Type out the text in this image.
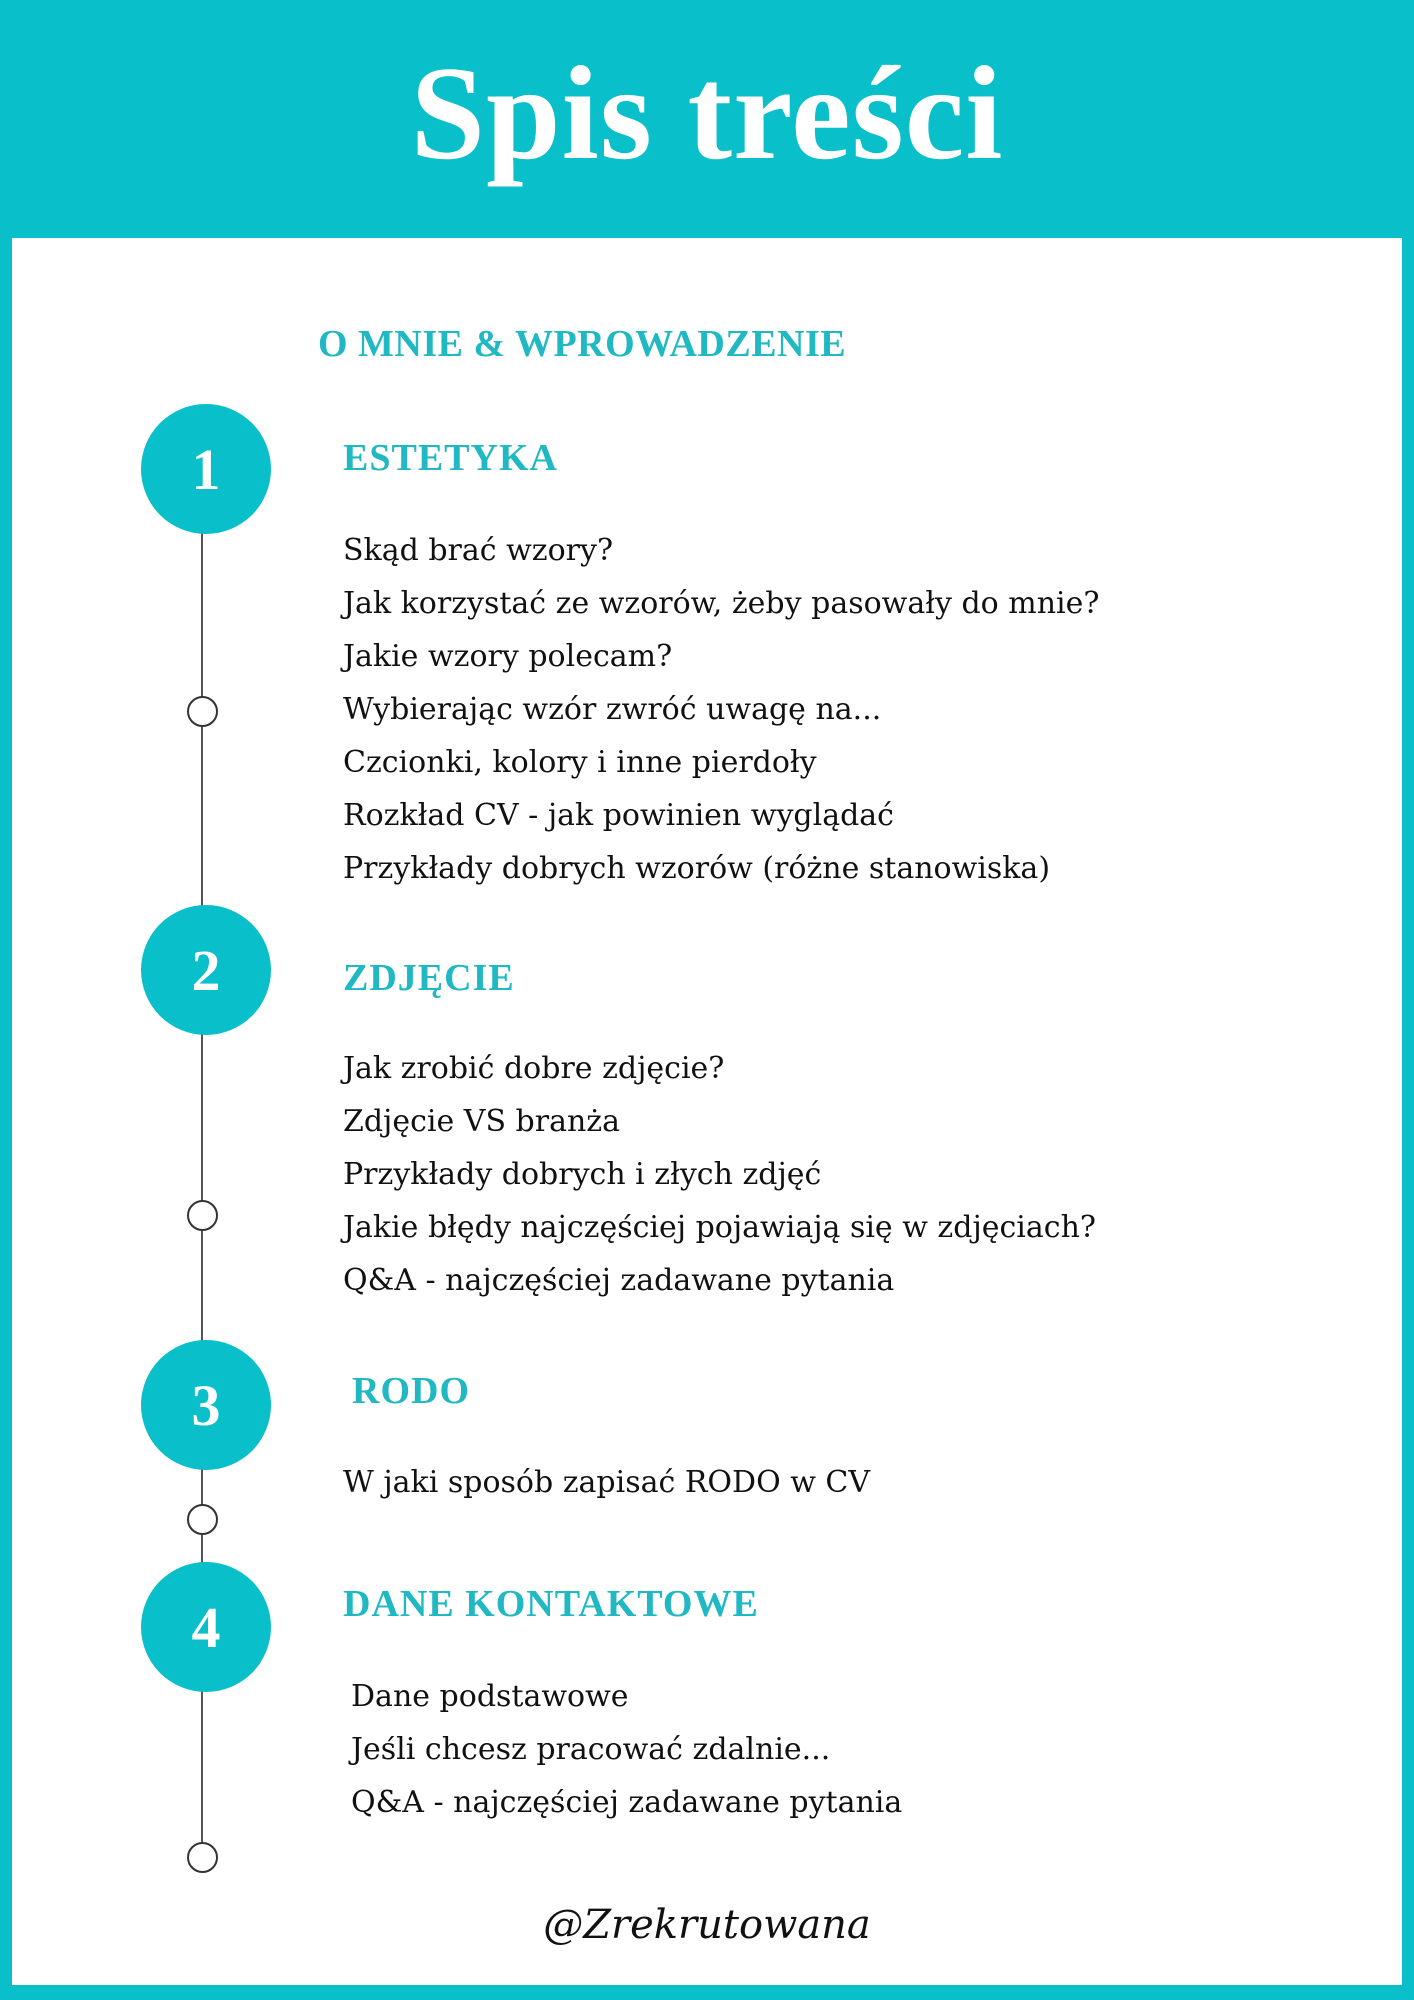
Spis treści
1
2
3
4
O MNIE & WPROWADZENIE
ESTETYKA
Skąd brać wzory?
Jak korzystać ze wzorów, żeby pasowały do mnie?
Jakie wzory polecam?
Wybierając wzór zwróć uwagę na...
Czcionki, kolory i inne pierdoły
Rozkład CV - jak powinien wyglądać
Przykłady dobrych wzorów (różne stanowiska)
ZDJĘCIE
Jak zrobić dobre zdjęcie?
Zdjęcie VS branża
Przykłady dobrych i złych zdjęć
Jakie błędy najczęściej pojawiają się w zdjęciach?
Q&A - najczęściej zadawane pytania
RODO
W jaki sposób zapisać RODO w CV
DANE KONTAKTOWE
Dane podstawowe
Jeśli chcesz pracować zdalnie...
Q&A - najczęściej zadawane pytania
@Zrekrutowana
